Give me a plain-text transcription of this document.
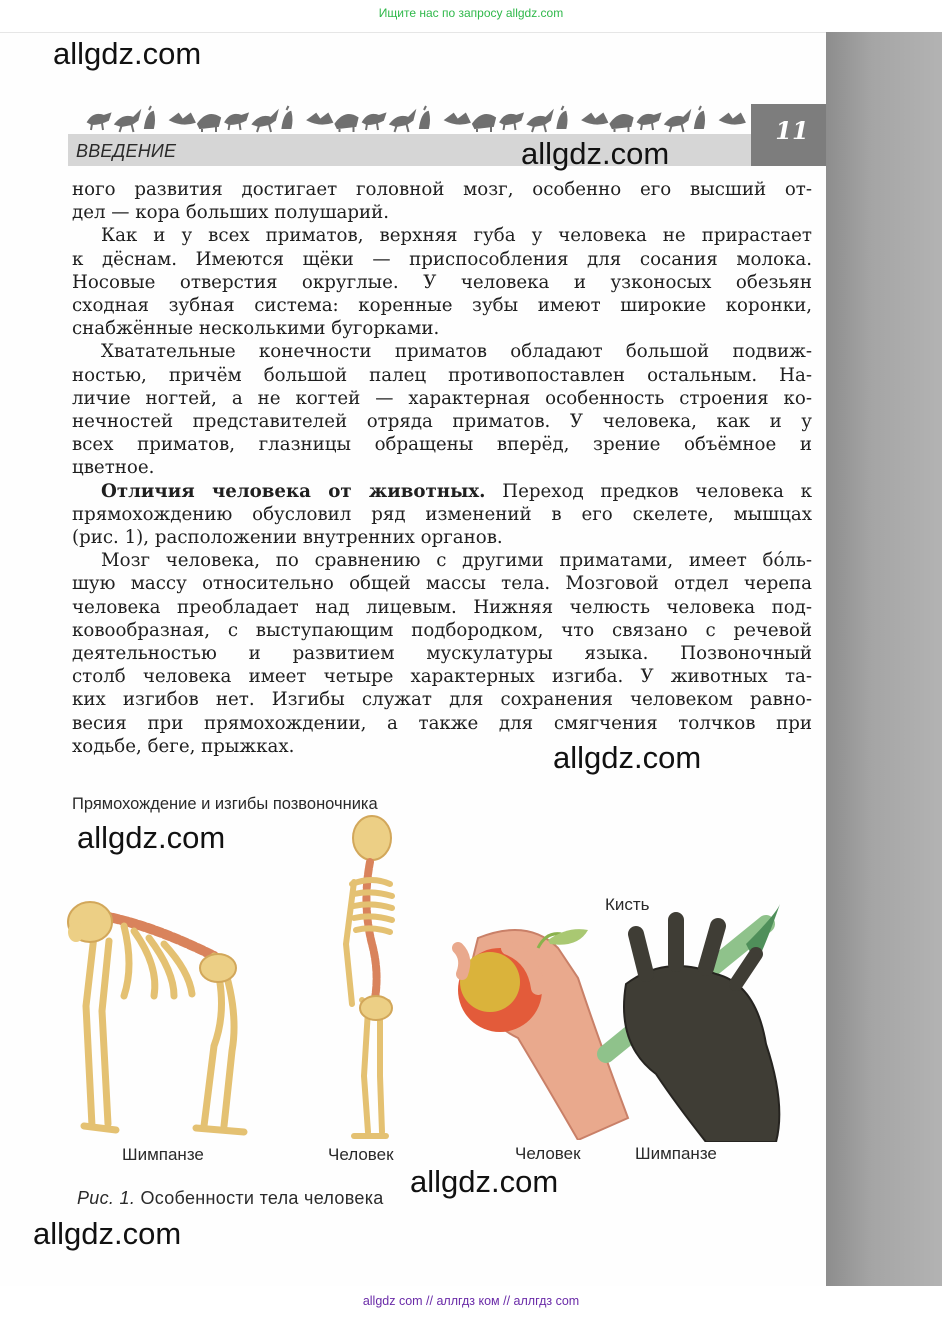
Ищите нас по запросу allgdz.com
ВВЕДЕНИЕ
11
allgdz.com
allgdz.com
allgdz.com
allgdz.com
allgdz.com
allgdz.com
ного развития достигает головной мозг, особенно его высший от-
дел — кора больших полушарий.
Как и у всех приматов, верхняя губа у человека не прирастает
к дёснам. Имеются щёки — приспособления для сосания молока.
Носовые отверстия округлые. У человека и узконосых обезьян
сходная зубная система: коренные зубы имеют широкие коронки,
снабжённые несколькими бугорками.
Хватательные конечности приматов обладают большой подвиж-
ностью, причём большой палец противопоставлен остальным. На-
личие ногтей, а не когтей — характерная особенность строения ко-
нечностей представителей отряда приматов. У человека, как и у
всех приматов, глазницы обращены вперёд, зрение объёмное и
цветное.
Отличия человека от животных. Переход предков человека к
прямохождению обусловил ряд изменений в его скелете, мышцах
(рис. 1), расположении внутренних органов.
Мозг человека, по сравнению с другими приматами, имеет бóль-
шую массу относительно общей массы тела. Мозговой отдел черепа
человека преобладает над лицевым. Нижняя челюсть человека под-
ковообразная, с выступающим подбородком, что связано с речевой
деятельностью и развитием мускулатуры языка. Позвоночный
столб человека имеет четыре характерных изгиба. У животных та-
ких изгибов нет. Изгибы служат для сохранения человеком равно-
весия при прямохождении, а также для смягчения толчков при
ходьбе, беге, прыжках.
Прямохождение и изгибы позвоночника
Кисть
Шимпанзе	Человек	Человек	Шимпанзе
Рис. 1. Особенности тела человека
allgdz com // аллгдз ком // аллгдз com
